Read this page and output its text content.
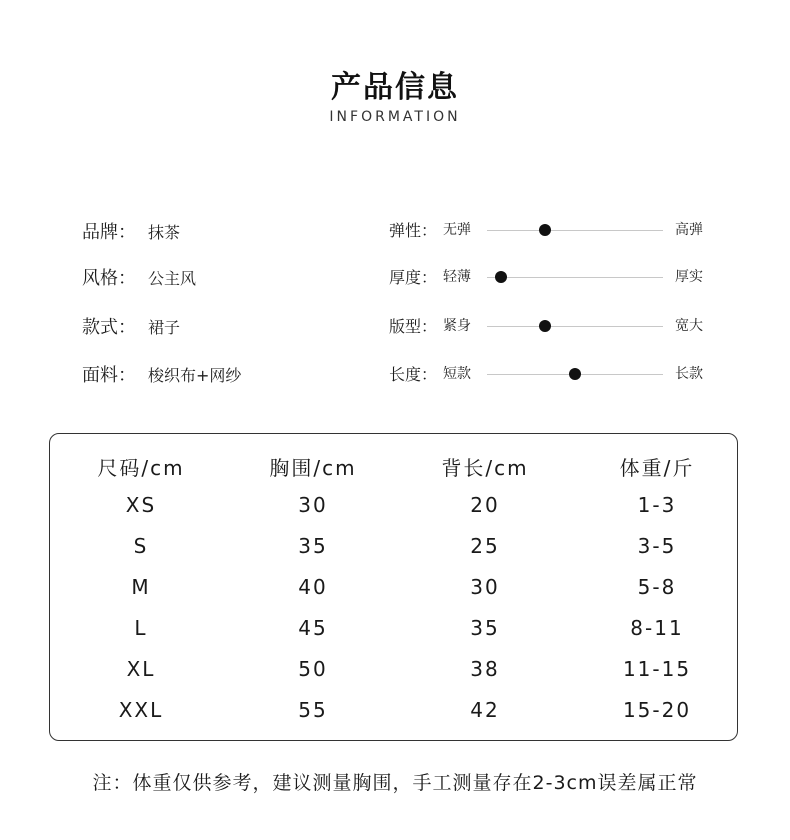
产品信息
INFORMATION
品牌： 抹茶
风格： 公主风
款式： 裙子
面料： 梭织布+网纱
弹性： 无弹	高弹
厚度： 轻薄	厚实
版型： 紧身	宽大
长度： 短款	长款
尺码/cm	胸围/cm	背长/cm	体重/斤
XS	30	20	1-3
S	35	25	3-5
M	40	30	5-8
L	45	35	8-11
XL	50	38	11-15
XXL	55	42	15-20
注：体重仅供参考，建议测量胸围，手工测量存在2-3cm误差属正常
